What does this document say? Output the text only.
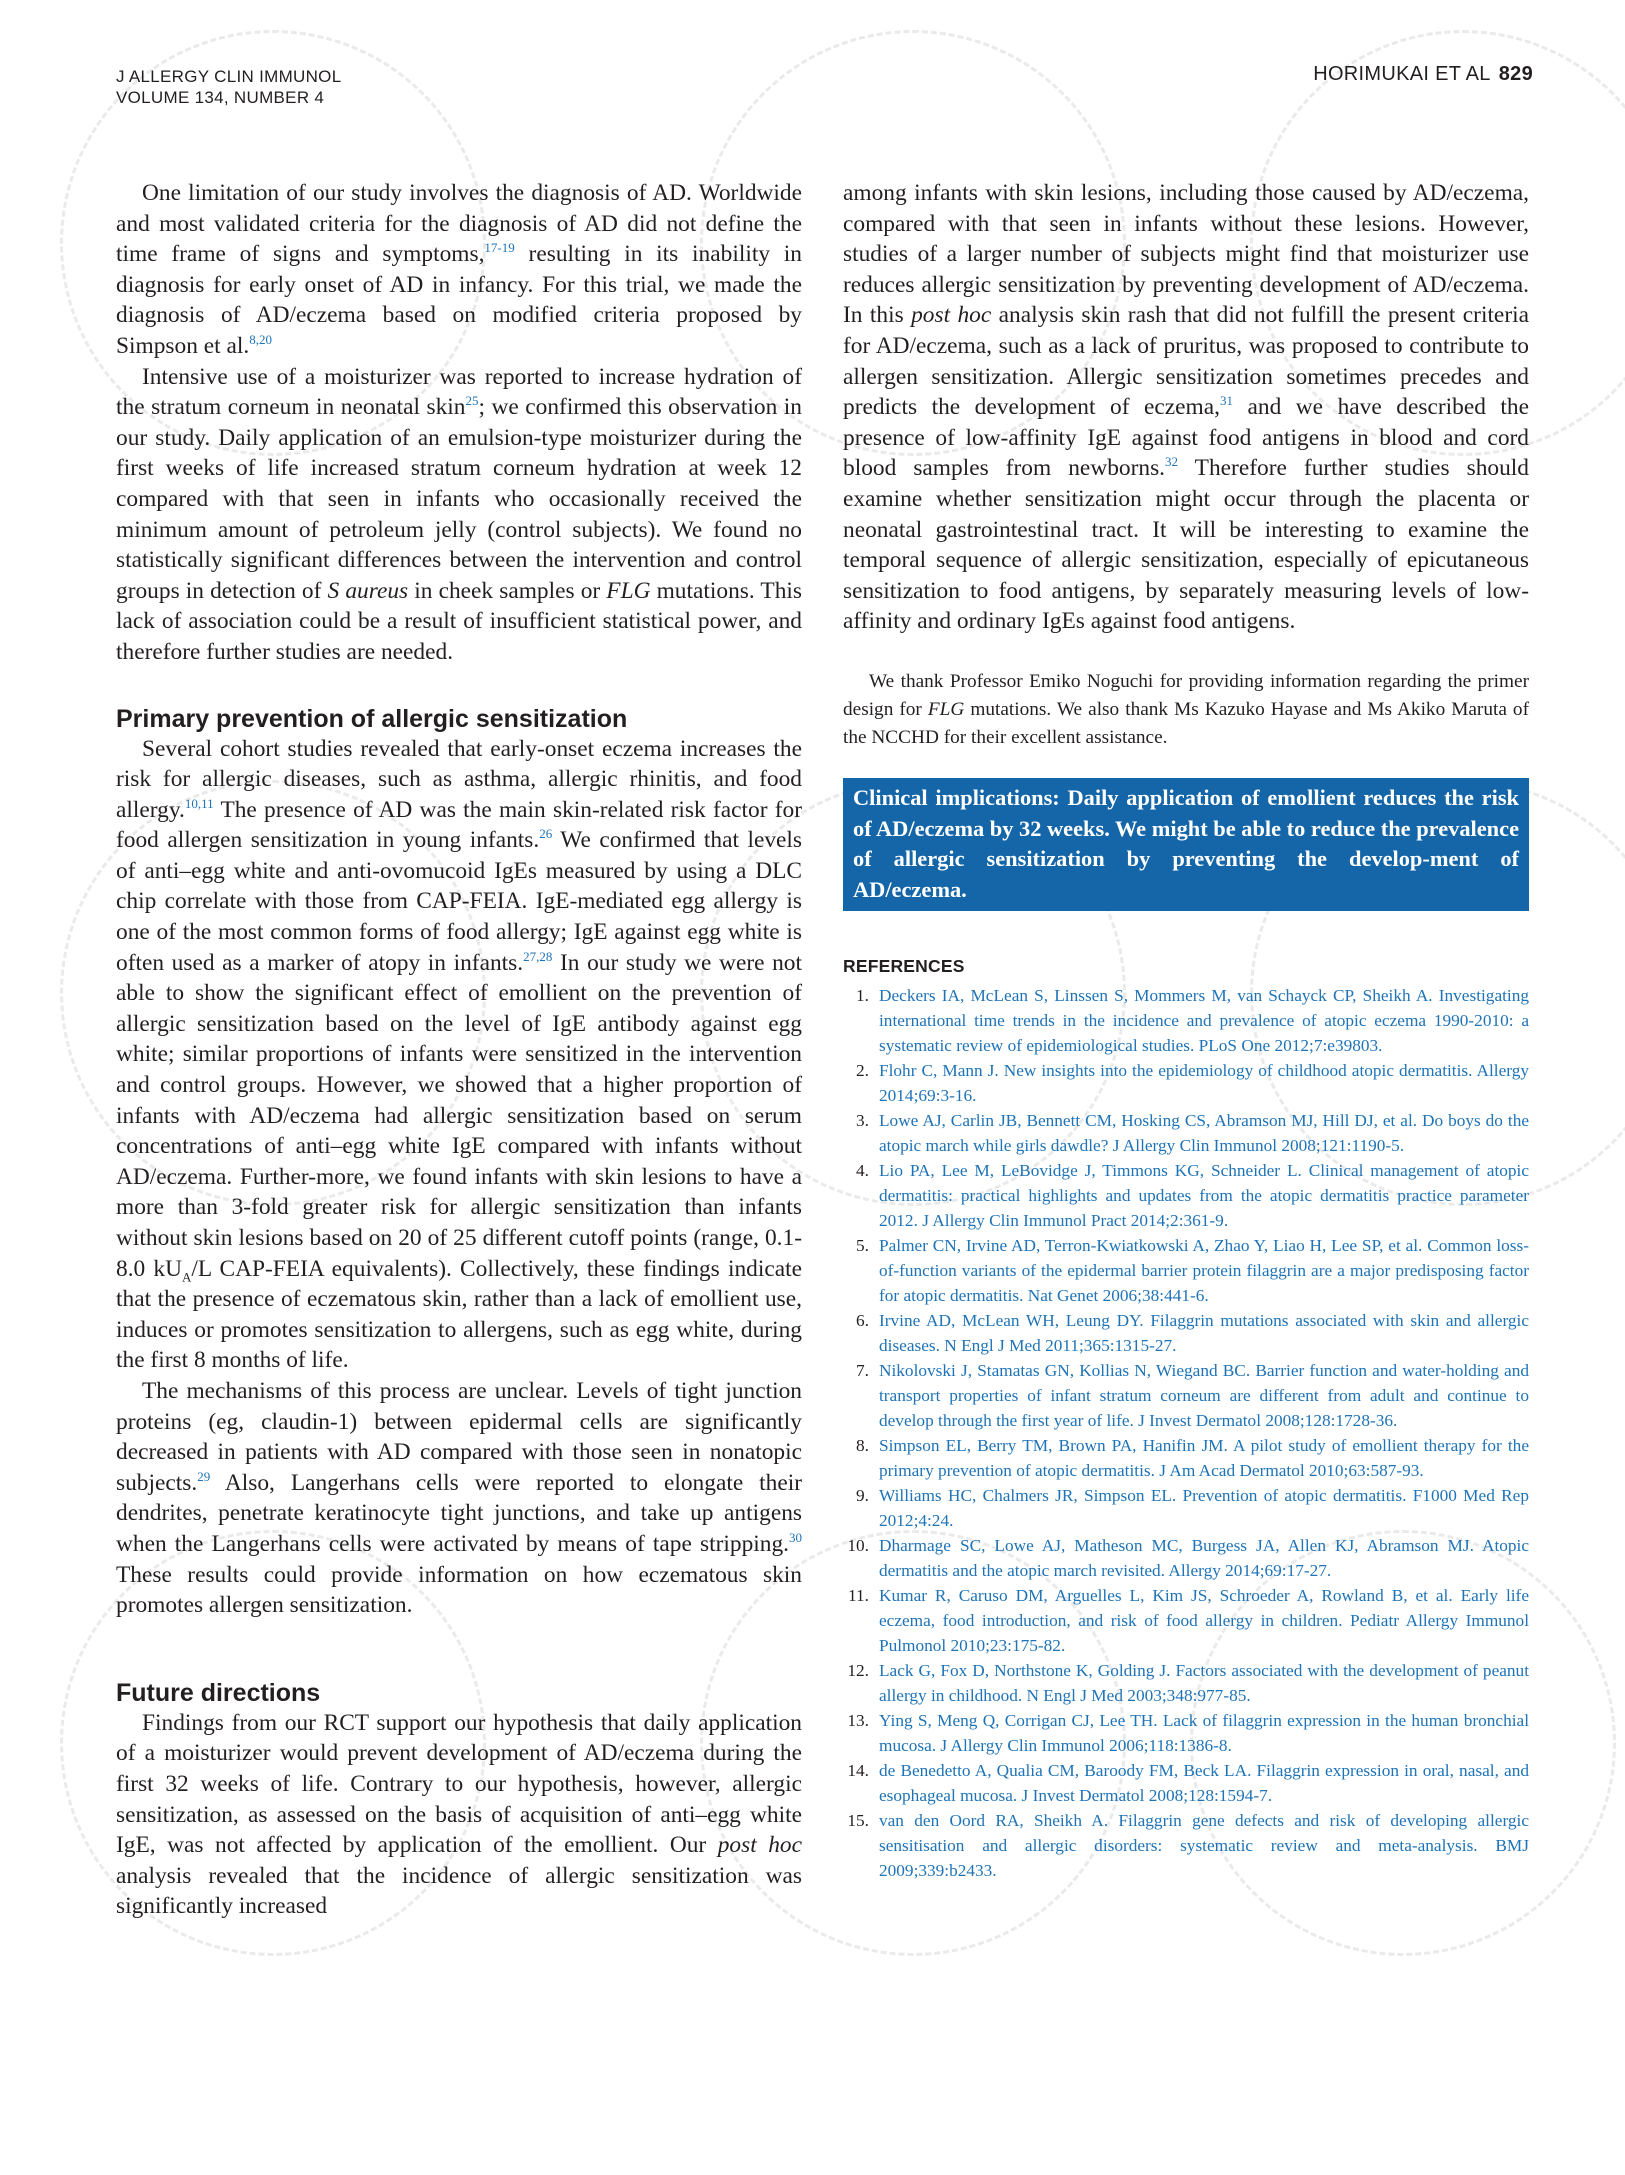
J ALLERGY CLIN IMMUNOL
VOLUME 134, NUMBER 4
HORIMUKAI ET AL 829

One limitation of our study involves the diagnosis of AD. Worldwide and most validated criteria for the diagnosis of AD did not define the time frame of signs and symptoms,$^{17-19}$ resulting in its inability in diagnosis for early onset of AD in infancy. For this trial, we made the diagnosis of AD/eczema based on modified criteria proposed by Simpson et al.$^{8,20}$

Intensive use of a moisturizer was reported to increase hydration of the stratum corneum in neonatal skin$^{25}$; we confirmed this observation in our study. Daily application of an emulsion-type moisturizer during the first weeks of life increased stratum corneum hydration at week 12 compared with that seen in infants who occasionally received the minimum amount of petroleum jelly (control subjects). We found no statistically significant differences between the intervention and control groups in detection of S aureus in cheek samples or FLG mutations. This lack of association could be a result of insufficient statistical power, and therefore further studies are needed.

Primary prevention of allergic sensitization

Several cohort studies revealed that early-onset eczema increases the risk for allergic diseases, such as asthma, allergic rhinitis, and food allergy.$^{10,11}$ The presence of AD was the main skin-related risk factor for food allergen sensitization in young infants.$^{26}$ We confirmed that levels of anti–egg white and anti-ovomucoid IgEs measured by using a DLC chip correlate with those from CAP-FEIA. IgE-mediated egg allergy is one of the most common forms of food allergy; IgE against egg white is often used as a marker of atopy in infants.$^{27,28}$ In our study we were not able to show the significant effect of emollient on the prevention of allergic sensitization based on the level of IgE antibody against egg white; similar proportions of infants were sensitized in the intervention and control groups. However, we showed that a higher proportion of infants with AD/eczema had allergic sensitization based on serum concentrations of anti–egg white IgE compared with infants without AD/eczema. Further-more, we found infants with skin lesions to have a more than 3-fold greater risk for allergic sensitization than infants without skin lesions based on 20 of 25 different cutoff points (range, 0.1-8.0 $kU_A/L$ CAP-FEIA equivalents). Collectively, these findings indicate that the presence of eczematous skin, rather than a lack of emollient use, induces or promotes sensitization to allergens, such as egg white, during the first 8 months of life.

The mechanisms of this process are unclear. Levels of tight junction proteins (eg, claudin-1) between epidermal cells are significantly decreased in patients with AD compared with those seen in nonatopic subjects.$^{29}$ Also, Langerhans cells were reported to elongate their dendrites, penetrate keratinocyte tight junctions, and take up antigens when the Langerhans cells were activated by means of tape stripping.$^{30}$ These results could provide information on how eczematous skin promotes allergen sensitization.

Future directions

Findings from our RCT support our hypothesis that daily application of a moisturizer would prevent development of AD/eczema during the first 32 weeks of life. Contrary to our hypothesis, however, allergic sensitization, as assessed on the basis of acquisition of anti–egg white IgE, was not affected by application of the emollient. Our post hoc analysis revealed that the incidence of allergic sensitization was significantly increased

among infants with skin lesions, including those caused by AD/eczema, compared with that seen in infants without these lesions. However, studies of a larger number of subjects might find that moisturizer use reduces allergic sensitization by preventing development of AD/eczema. In this post hoc analysis skin rash that did not fulfill the present criteria for AD/eczema, such as a lack of pruritus, was proposed to contribute to allergen sensitization. Allergic sensitization sometimes precedes and predicts the development of eczema,$^{31}$ and we have described the presence of low-affinity IgE against food antigens in blood and cord blood samples from newborns.$^{32}$ Therefore further studies should examine whether sensitization might occur through the placenta or neonatal gastrointestinal tract. It will be interesting to examine the temporal sequence of allergic sensitization, especially of epicutaneous sensitization to food antigens, by separately measuring levels of low-affinity and ordinary IgEs against food antigens.

We thank Professor Emiko Noguchi for providing information regarding the primer design for FLG mutations. We also thank Ms Kazuko Hayase and Ms Akiko Maruta of the NCCHD for their excellent assistance.

Clinical implications: Daily application of emollient reduces the risk of AD/eczema by 32 weeks. We might be able to reduce the prevalence of allergic sensitization by preventing the develop-ment of AD/eczema.
REFERENCES
1. Deckers IA, McLean S, Linssen S, Mommers M, van Schayck CP, Sheikh A. Investigating international time trends in the incidence and prevalence of atopic eczema 1990-2010: a systematic review of epidemiological studies. PLoS One 2012;7:e39803.
2. Flohr C, Mann J. New insights into the epidemiology of childhood atopic dermatitis. Allergy 2014;69:3-16.
3. Lowe AJ, Carlin JB, Bennett CM, Hosking CS, Abramson MJ, Hill DJ, et al. Do boys do the atopic march while girls dawdle? J Allergy Clin Immunol 2008;121:1190-5.
4. Lio PA, Lee M, LeBovidge J, Timmons KG, Schneider L. Clinical management of atopic dermatitis: practical highlights and updates from the atopic dermatitis practice parameter 2012. J Allergy Clin Immunol Pract 2014;2:361-9.
5. Palmer CN, Irvine AD, Terron-Kwiatkowski A, Zhao Y, Liao H, Lee SP, et al. Common loss-of-function variants of the epidermal barrier protein filaggrin are a major predisposing factor for atopic dermatitis. Nat Genet 2006;38:441-6.
6. Irvine AD, McLean WH, Leung DY. Filaggrin mutations associated with skin and allergic diseases. N Engl J Med 2011;365:1315-27.
7. Nikolovski J, Stamatas GN, Kollias N, Wiegand BC. Barrier function and water-holding and transport properties of infant stratum corneum are different from adult and continue to develop through the first year of life. J Invest Dermatol 2008;128:1728-36.
8. Simpson EL, Berry TM, Brown PA, Hanifin JM. A pilot study of emollient therapy for the primary prevention of atopic dermatitis. J Am Acad Dermatol 2010;63:587-93.
9. Williams HC, Chalmers JR, Simpson EL. Prevention of atopic dermatitis. F1000 Med Rep 2012;4:24.
10. Dharmage SC, Lowe AJ, Matheson MC, Burgess JA, Allen KJ, Abramson MJ. Atopic dermatitis and the atopic march revisited. Allergy 2014;69:17-27.
11. Kumar R, Caruso DM, Arguelles L, Kim JS, Schroeder A, Rowland B, et al. Early life eczema, food introduction, and risk of food allergy in children. Pediatr Allergy Immunol Pulmonol 2010;23:175-82.
12. Lack G, Fox D, Northstone K, Golding J. Factors associated with the development of peanut allergy in childhood. N Engl J Med 2003;348:977-85.
13. Ying S, Meng Q, Corrigan CJ, Lee TH. Lack of filaggrin expression in the human bronchial mucosa. J Allergy Clin Immunol 2006;118:1386-8.
14. de Benedetto A, Qualia CM, Baroody FM, Beck LA. Filaggrin expression in oral, nasal, and esophageal mucosa. J Invest Dermatol 2008;128:1594-7.
15. van den Oord RA, Sheikh A. Filaggrin gene defects and risk of developing allergic sensitisation and allergic disorders: systematic review and meta-analysis. BMJ 2009;339:b2433.
